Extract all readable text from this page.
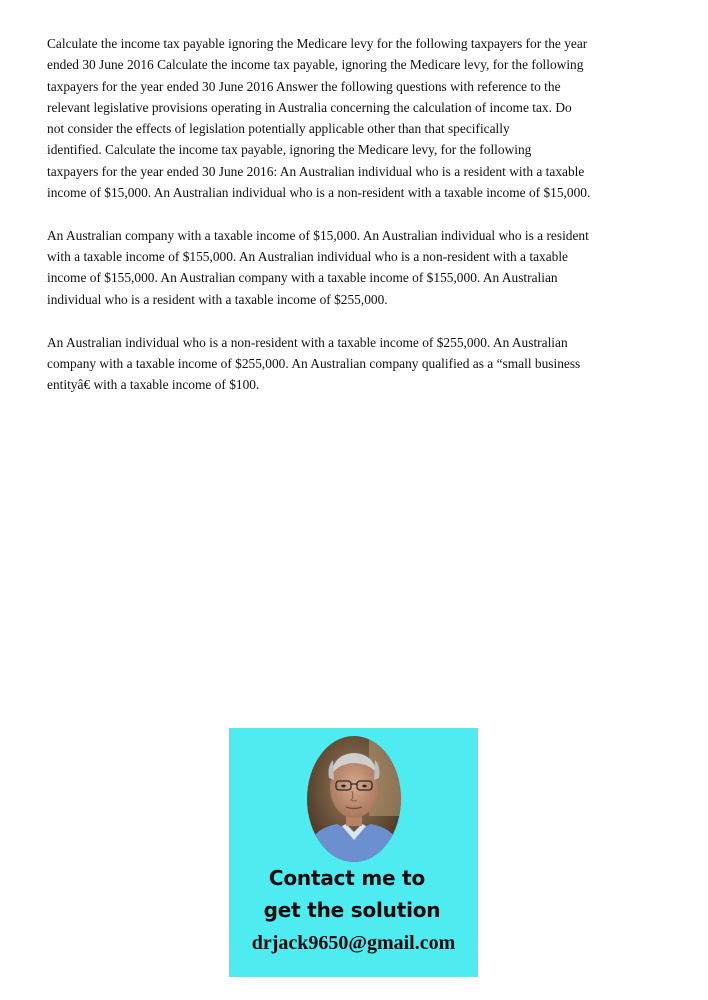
Calculate the income tax payable ignoring the Medicare levy for the following taxpayers for the year
ended 30 June 2016 Calculate the income tax payable, ignoring the Medicare levy, for the following
taxpayers for the year ended 30 June 2016 Answer the following questions with reference to the
relevant legislative provisions operating in Australia concerning the calculation of income tax. Do
not consider the effects of legislation potentially applicable other than that specifically
identified. Calculate the income tax payable, ignoring the Medicare levy, for the following
taxpayers for the year ended 30 June 2016: An Australian individual who is a resident with a taxable
income of $15,000. An Australian individual who is a non-resident with a taxable income of $15,000.
An Australian company with a taxable income of $15,000. An Australian individual who is a resident
with a taxable income of $155,000. An Australian individual who is a non-resident with a taxable
income of $155,000. An Australian company with a taxable income of $155,000. An Australian
individual who is a resident with a taxable income of $255,000.
An Australian individual who is a non-resident with a taxable income of $255,000. An Australian
company with a taxable income of $255,000. An Australian company qualified as a “small business
entityâ€ with a taxable income of $100.
Contact me to
get the solution
drjack9650@gmail.com
